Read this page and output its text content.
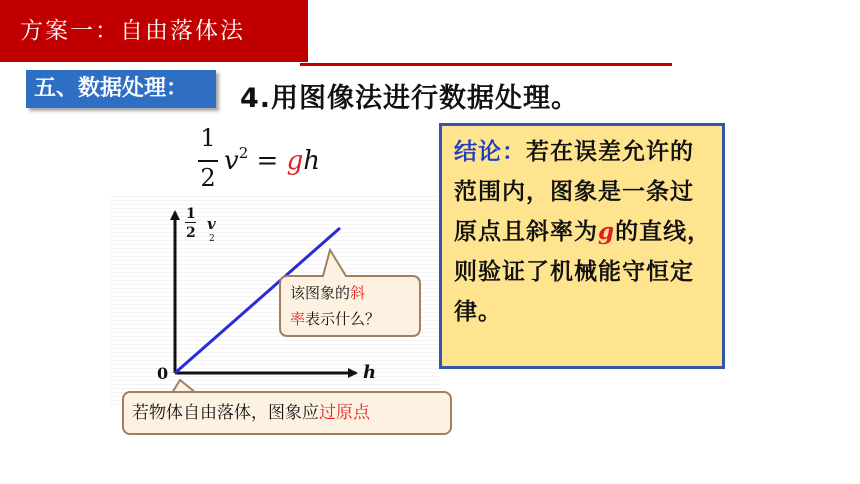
方案一：自由落体法
五、数据处理：	4.用图像法进行数据处理。
1
2
$v^2$ = gh
1
2 v
2
h
0
该图象的斜
率表示什么？
若物体自由落体，图象应过原点
结论：若在误差允许的范围内，图象是一条过原点且斜率为g的直线，则验证了机械能守恒定律。
